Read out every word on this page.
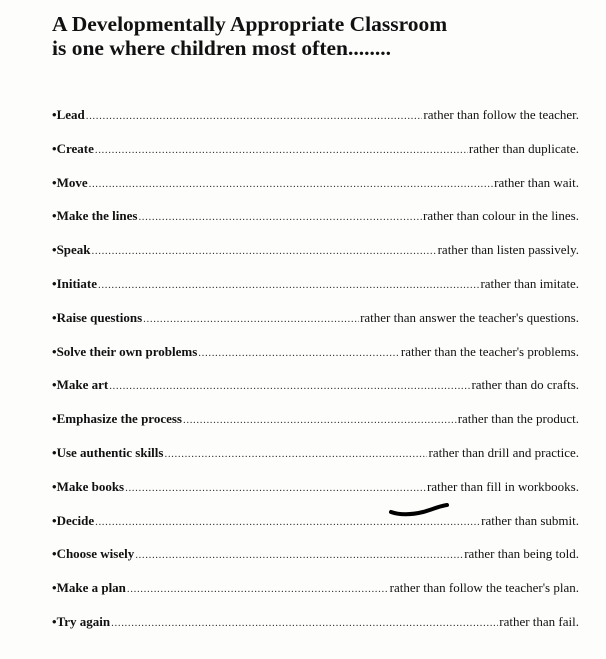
A Developmentally Appropriate Classroom
is one where children most often........
• Lead .....	rather than follow the teacher.
• Create .....	rather than duplicate.
• Move .....	rather than wait.
• Make the lines .....	rather than colour in the lines.
• Speak .....	rather than listen passively.
• Initiate .....	rather than imitate.
• Raise questions .....	rather than answer the teacher's questions.
• Solve their own problems .....	rather than the teacher's problems.
• Make art .....	rather than do crafts.
• Emphasize the process .....	rather than the product.
• Use authentic skills .....	rather than drill and practice.
• Make books .....	rather than fill in workbooks.
• Decide .....	rather than submit.
• Choose wisely .....	rather than being told.
• Make a plan .....	rather than follow the teacher's plan.
• Try again .....	rather than fail.
